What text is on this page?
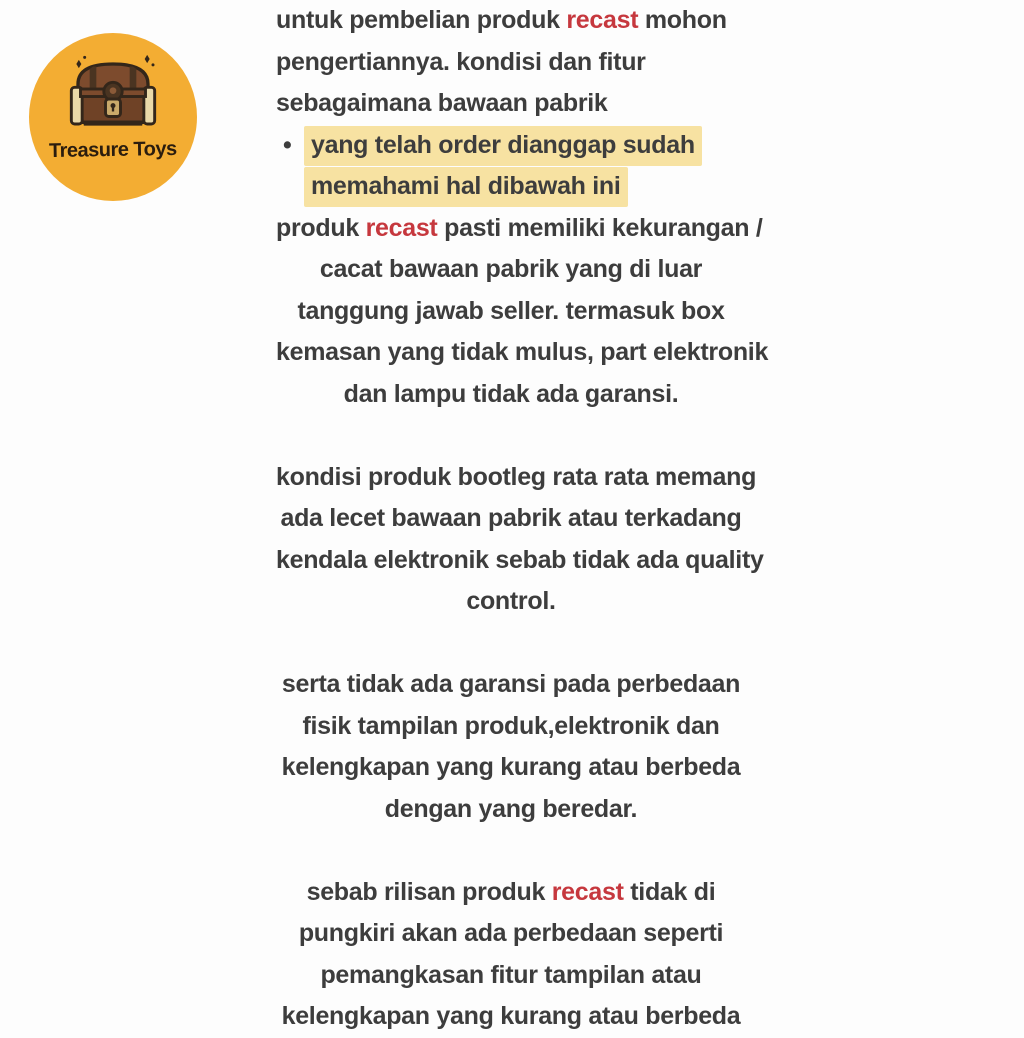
Treasure Toys
untuk pembelian produk recast mohon
pengertiannya. kondisi dan fitur
sebagaimana bawaan pabrik
• yang telah order dianggap sudah
memahami hal dibawah ini
produk recast pasti memiliki kekurangan /
cacat bawaan pabrik yang di luar
tanggung jawab seller. termasuk box
kemasan yang tidak mulus, part elektronik
dan lampu tidak ada garansi.
kondisi produk bootleg rata rata memang
ada lecet bawaan pabrik atau terkadang
kendala elektronik sebab tidak ada quality
control.
serta tidak ada garansi pada perbedaan
fisik tampilan produk,elektronik dan
kelengkapan yang kurang atau berbeda
dengan yang beredar.
sebab rilisan produk recast tidak di
pungkiri akan ada perbedaan seperti
pemangkasan fitur tampilan atau
kelengkapan yang kurang atau berbeda
